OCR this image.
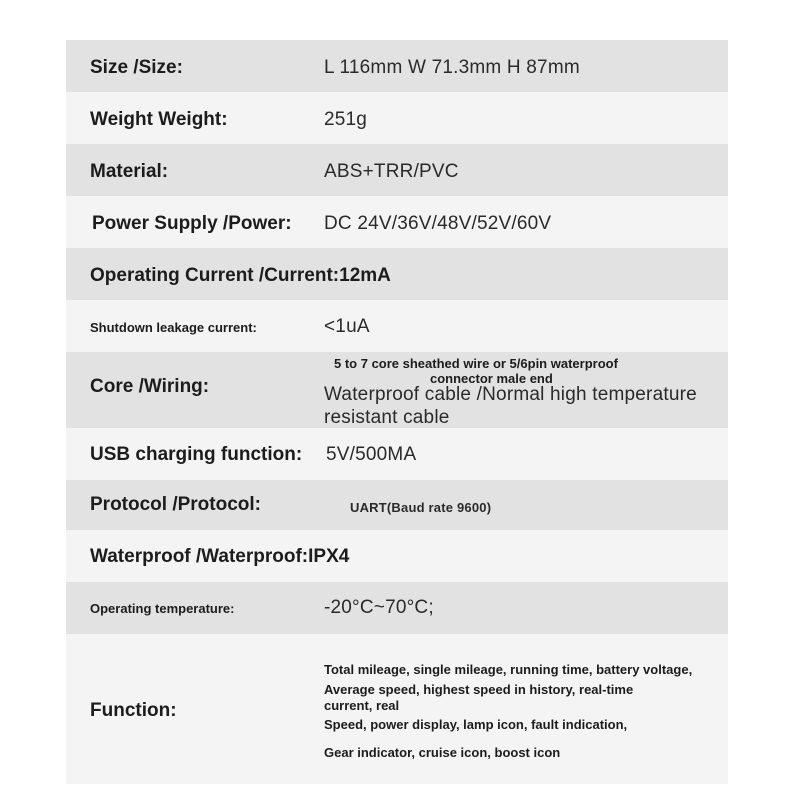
Size /Size:	L 116mm W 71.3mm H 87mm
Weight Weight:	251g
Material:	ABS+TRR/PVC
Power Supply /Power: DC 24V/36V/48V/52V/60V
Operating Current /Current:12mA
Shutdown leakage current:	<1uA
Core /Wiring:
5 to 7 core sheathed wire or 5/6pin waterproof
connector male end
Waterproof cable /Normal high temperature
resistant cable
USB charging function: 5V/500MA
Protocol /Protocol:	UART(Baud rate 9600)
Waterproof /Waterproof:IPX4
Operating temperature:	-20°C~70°C;
Function:
Total mileage, single mileage, running time, battery voltage,
Average speed, highest speed in history, real-time
current, real
Speed, power display, lamp icon, fault indication,
Gear indicator, cruise icon, boost icon
